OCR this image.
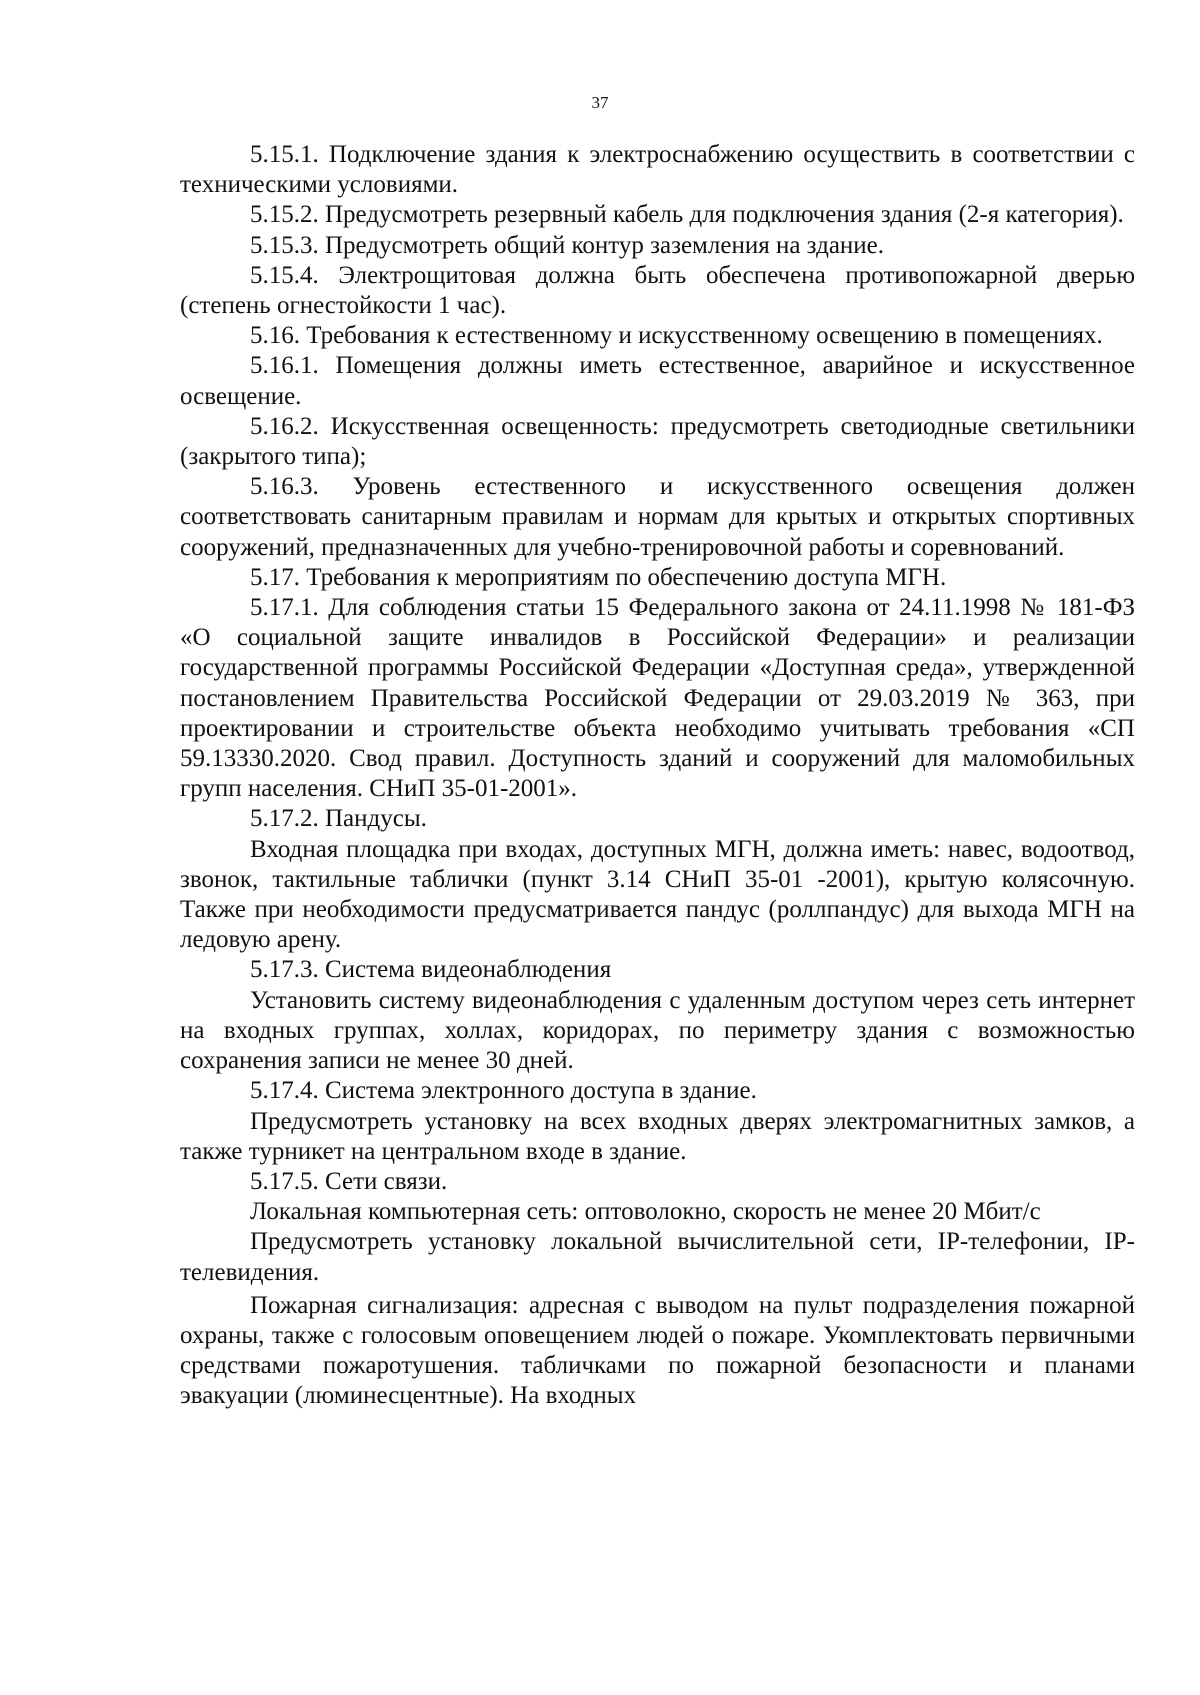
37

5.15.1. Подключение здания к электроснабжению осуществить в соответствии с техническими условиями.

5.15.2. Предусмотреть резервный кабель для подключения здания (2-я категория).

5.15.3. Предусмотреть общий контур заземления на здание.

5.15.4. Электрощитовая должна быть обеспечена противопожарной дверью (степень огнестойкости 1 час).

5.16. Требования к естественному и искусственному освещению в помещениях.

5.16.1. Помещения должны иметь естественное, аварийное и искусственное освещение.

5.16.2. Искусственная освещенность: предусмотреть светодиодные светильники (закрытого типа);

5.16.3. Уровень естественного и искусственного освещения должен соответствовать санитарным правилам и нормам для крытых и открытых спортивных сооружений, предназначенных для учебно-тренировочной работы и соревнований.

5.17. Требования к мероприятиям по обеспечению доступа МГН.

5.17.1. Для соблюдения статьи 15 Федерального закона от 24.11.1998 № 181-ФЗ «О социальной защите инвалидов в Российской Федерации» и реализации государственной программы Российской Федерации «Доступная среда», утвержденной постановлением Правительства Российской Федерации от 29.03.2019 № 363, при проектировании и строительстве объекта необходимо учитывать требования «СП 59.13330.2020. Свод правил. Доступность зданий и сооружений для маломобильных групп населения. СНиП 35-01-2001».

5.17.2. Пандусы.

Входная площадка при входах, доступных МГН, должна иметь: навес, водоотвод, звонок, тактильные таблички (пункт 3.14 СНиП 35-01 -2001), крытую колясочную. Также при необходимости предусматривается пандус (роллпандус) для выхода МГН на ледовую арену.

5.17.3. Система видеонаблюдения

Установить систему видеонаблюдения с удаленным доступом через сеть интернет на входных группах, холлах, коридорах, по периметру здания с возможностью сохранения записи не менее 30 дней.

5.17.4. Система электронного доступа в здание.

Предусмотреть установку на всех входных дверях электромагнитных замков, а также турникет на центральном входе в здание.

5.17.5. Сети связи.

Локальная компьютерная сеть: оптоволокно, скорость не менее 20 Мбит/с

Предусмотреть установку локальной вычислительной сети, IP-телефонии, IP-телевидения.

Пожарная сигнализация: адресная с выводом на пульт подразделения пожарной охраны, также с голосовым оповещением людей о пожаре. Укомплектовать первичными средствами пожаротушения. табличками по пожарной безопасности и планами эвакуации (люминесцентные). На входных
